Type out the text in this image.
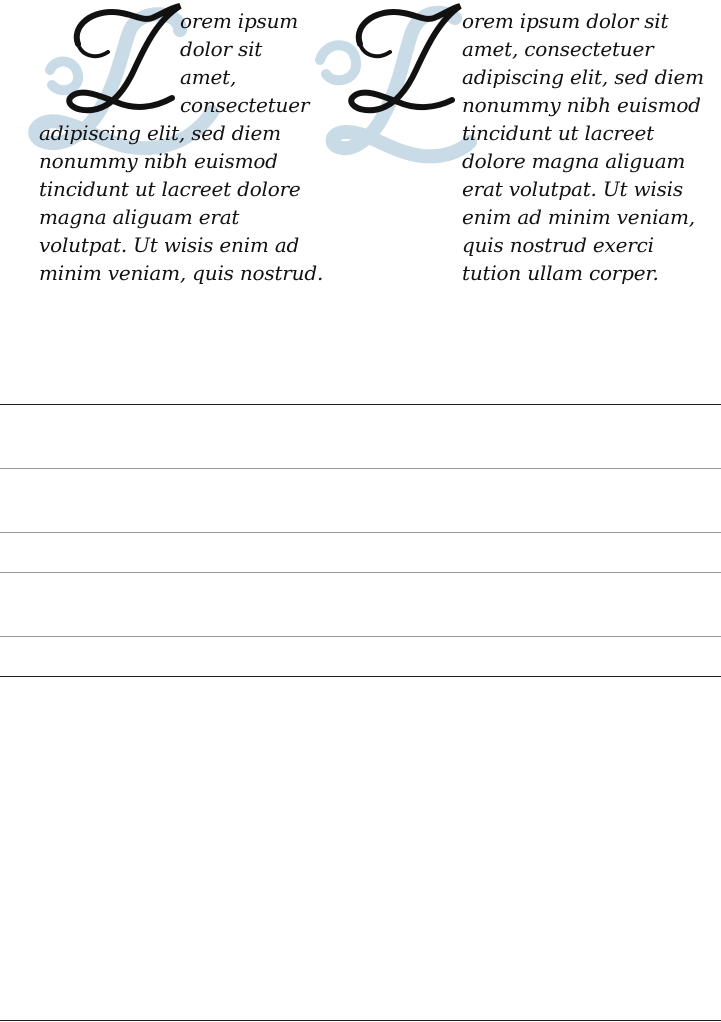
orem ipsum
dolor sit
amet,
consectetuer
adipiscing elit, sed diem
nonummy nibh euismod
tincidunt ut lacreet dolore
magna aliguam erat
volutpat. Ut wisis enim ad
minim veniam, quis nostrud.
orem ipsum dolor sit
amet, consectetuer
adipiscing elit, sed diem
nonummy nibh euismod
tincidunt ut lacreet
dolore magna aliguam
erat volutpat. Ut wisis
enim ad minim veniam,
quis nostrud exerci
tution ullam corper.
